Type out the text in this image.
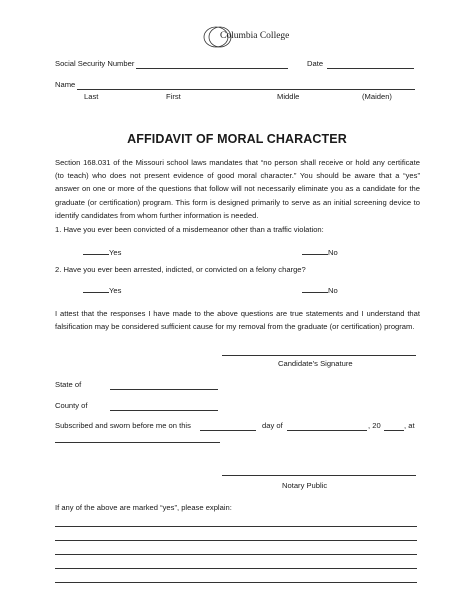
Columbia College
Social Security Number	Date
Name
Last	First	Middle	(Maiden)
AFFIDAVIT OF MORAL CHARACTER
Section 168.031 of the Missouri school laws mandates that “no person shall receive or hold any certificate (to teach) who does not present evidence of good moral character.” You should be aware that a “yes” answer on one or more of the questions that follow will not necessarily eliminate you as a candidate for the graduate (or certification) program. This form is designed primarily to serve as an initial screening device to identify candidates from whom further information is needed.
1. Have you ever been convicted of a misdemeanor other than a traffic violation:
Yes	No
2. Have you ever been arrested, indicted, or convicted on a felony charge?
Yes	No
I attest that the responses I have made to the above questions are true statements and I understand that falsification may be considered sufficient cause for my removal from the graduate (or certification) program.
Candidate’s Signature
State of
County of
Subscribed and sworn before me on this	day of	, 20	, at
Notary Public
If any of the above are marked “yes”, please explain:
